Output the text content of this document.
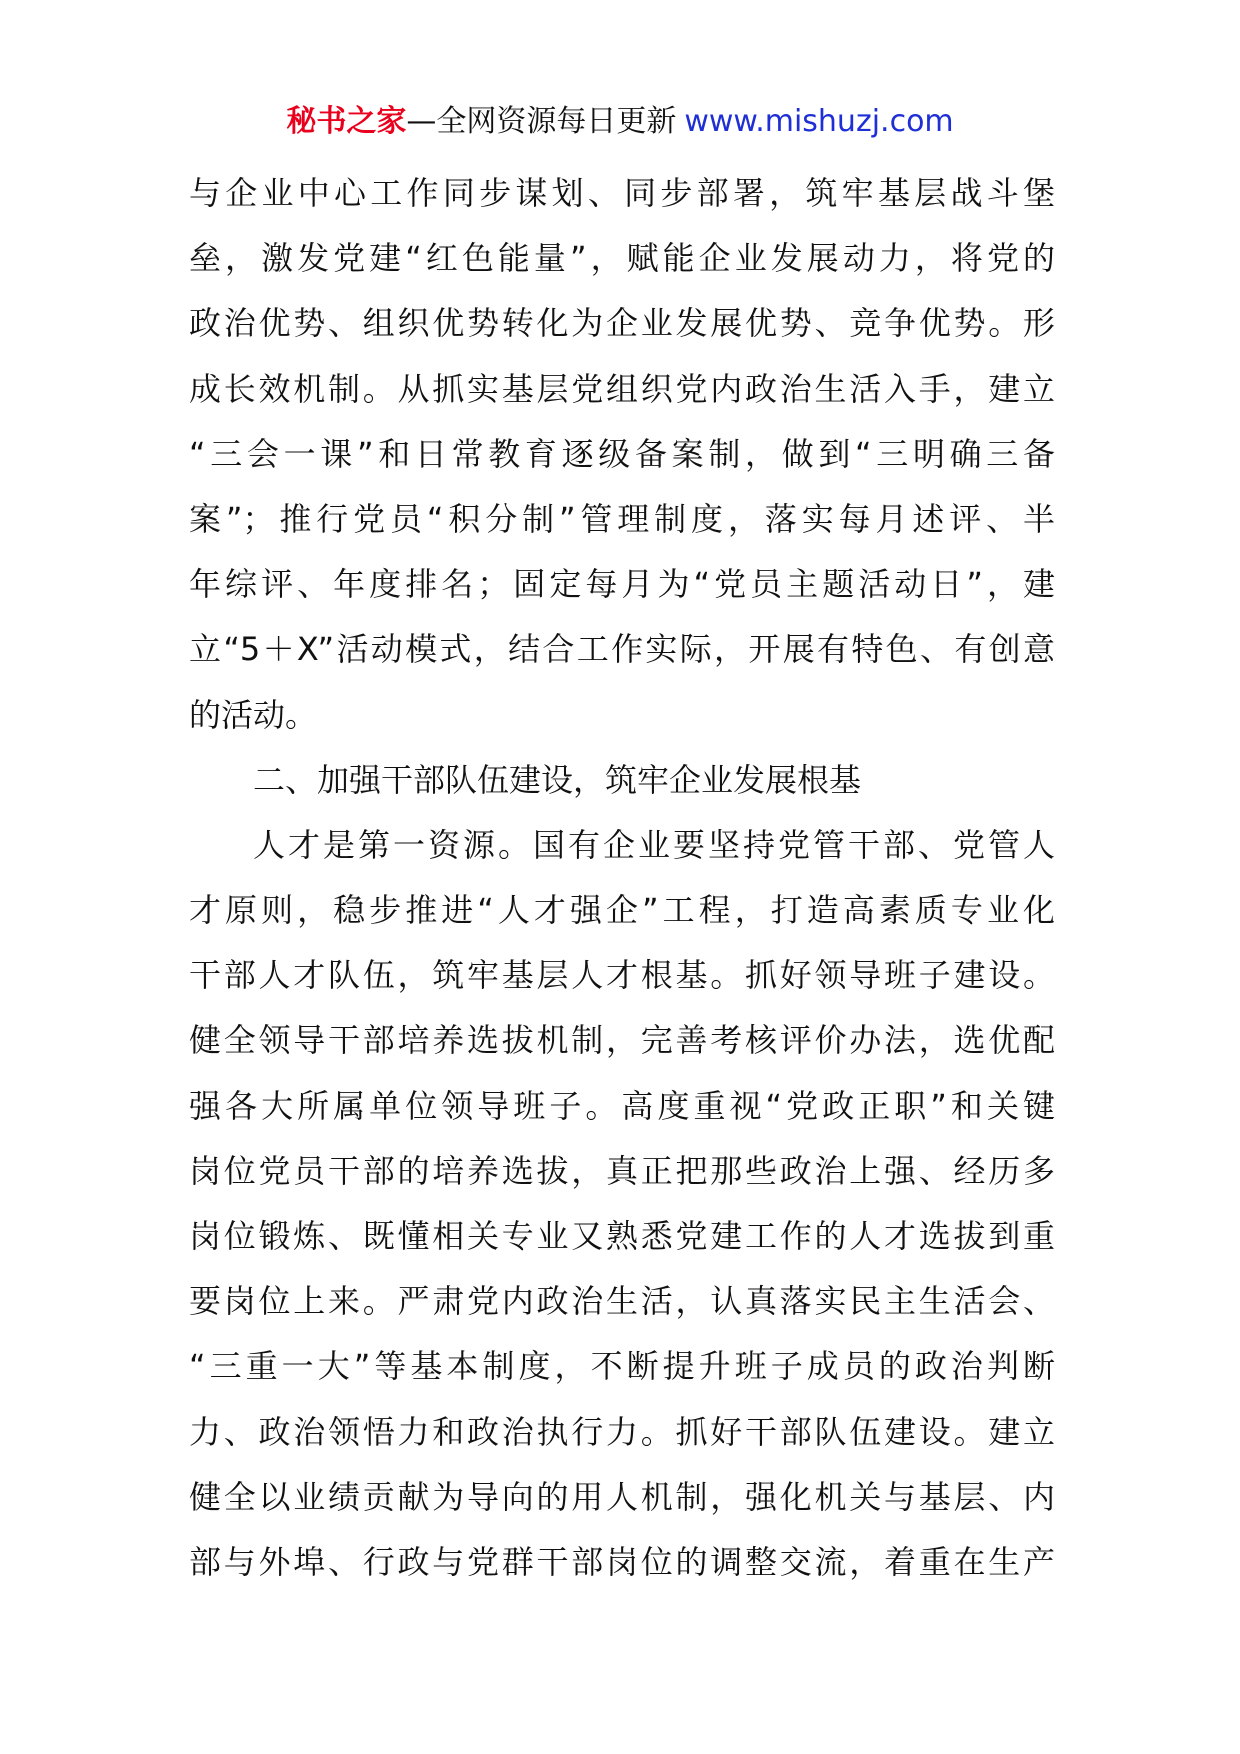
秘书之家—全网资源每日更新 www.mishuzj.com
与企业中心工作同步谋划、同步部署，筑牢基层战斗堡
垒，激发党建“红色能量”，赋能企业发展动力，将党的
政治优势、组织优势转化为企业发展优势、竞争优势。形
成长效机制。从抓实基层党组织党内政治生活入手，建立
“三会一课”和日常教育逐级备案制，做到“三明确三备
案”；推行党员“积分制”管理制度，落实每月述评、半
年综评、年度排名；固定每月为“党员主题活动日”，建
立“5＋X”活动模式，结合工作实际，开展有特色、有创意
的活动。
二、加强干部队伍建设，筑牢企业发展根基
人才是第一资源。国有企业要坚持党管干部、党管人
才原则，稳步推进“人才强企”工程，打造高素质专业化
干部人才队伍，筑牢基层人才根基。抓好领导班子建设。
健全领导干部培养选拔机制，完善考核评价办法，选优配
强各大所属单位领导班子。高度重视“党政正职”和关键
岗位党员干部的培养选拔，真正把那些政治上强、经历多
岗位锻炼、既懂相关专业又熟悉党建工作的人才选拔到重
要岗位上来。严肃党内政治生活，认真落实民主生活会、
“三重一大”等基本制度，不断提升班子成员的政治判断
力、政治领悟力和政治执行力。抓好干部队伍建设。建立
健全以业绩贡献为导向的用人机制，强化机关与基层、内
部与外埠、行政与党群干部岗位的调整交流，着重在生产
